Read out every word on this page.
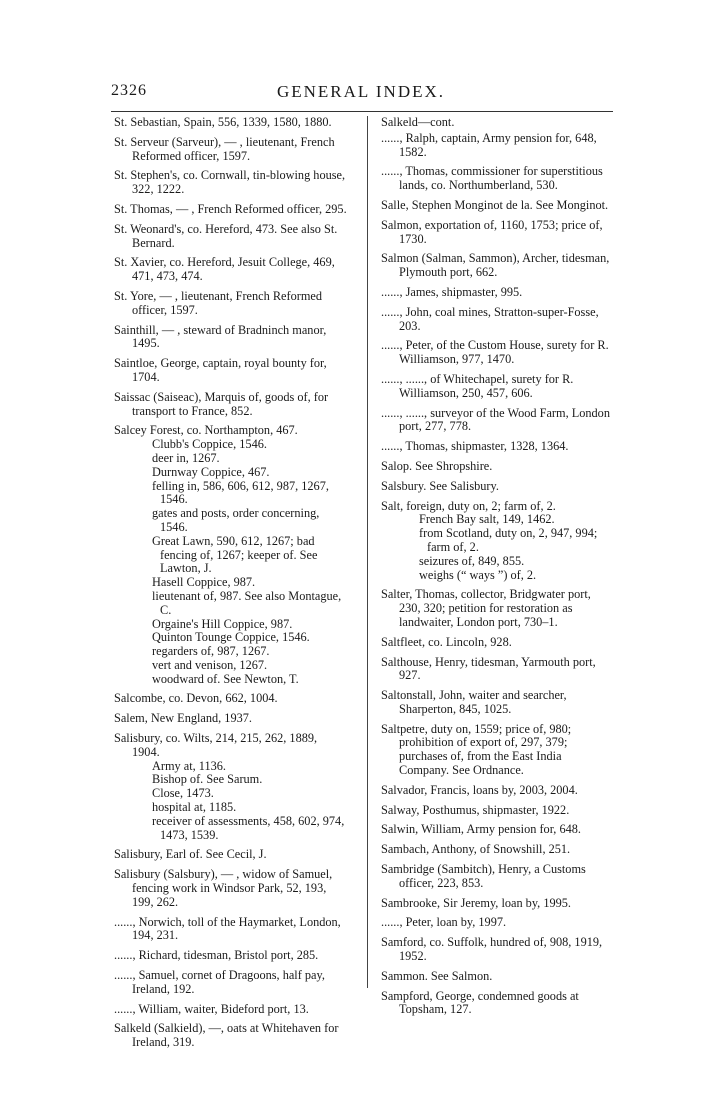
2326	GENERAL INDEX.
St. Sebastian, Spain, 556, 1339, 1580, 1880.
St. Serveur (Sarveur), — , lieutenant, French Reformed officer, 1597.
St. Stephen's, co. Cornwall, tin-blowing house, 322, 1222.
St. Thomas, — , French Reformed officer, 295.
St. Weonard's, co. Hereford, 473. See also St. Bernard.
St. Xavier, co. Hereford, Jesuit College, 469, 471, 473, 474.
St. Yore, — , lieutenant, French Reformed officer, 1597.
Sainthill, — , steward of Bradninch manor, 1495.
Saintloe, George, captain, royal bounty for, 1704.
Saissac (Saiseac), Marquis of, goods of, for transport to France, 852.
Salcey Forest, co. Northampton, 467.
Clubb's Coppice, 1546.
deer in, 1267.
Durnway Coppice, 467.
felling in, 586, 606, 612, 987, 1267, 1546.
gates and posts, order concerning, 1546.
Great Lawn, 590, 612, 1267; bad fencing of, 1267; keeper of. See Lawton, J.
Hasell Coppice, 987.
lieutenant of, 987. See also Montague, C.
Orgaine's Hill Coppice, 987.
Quinton Tounge Coppice, 1546.
regarders of, 987, 1267.
vert and venison, 1267.
woodward of. See Newton, T.
Salcombe, co. Devon, 662, 1004.
Salem, New England, 1937.
Salisbury, co. Wilts, 214, 215, 262, 1889, 1904.
Army at, 1136.
Bishop of. See Sarum.
Close, 1473.
hospital at, 1185.
receiver of assessments, 458, 602, 974, 1473, 1539.
Salisbury, Earl of. See Cecil, J.
Salisbury (Salsbury), — , widow of Samuel, fencing work in Windsor Park, 52, 193, 199, 262.
......, Norwich, toll of the Haymarket, London, 194, 231.
......, Richard, tidesman, Bristol port, 285.
......, Samuel, cornet of Dragoons, half pay, Ireland, 192.
......, William, waiter, Bideford port, 13.
Salkeld (Salkield), —, oats at Whitehaven for Ireland, 319.
Salkeld—cont.
......, Ralph, captain, Army pension for, 648, 1582.
......, Thomas, commissioner for superstitious lands, co. Northumberland, 530.
Salle, Stephen Monginot de la. See Monginot.
Salmon, exportation of, 1160, 1753; price of, 1730.
Salmon (Salman, Sammon), Archer, tidesman, Plymouth port, 662.
......, James, shipmaster, 995.
......, John, coal mines, Stratton-super-Fosse, 203.
......, Peter, of the Custom House, surety for R. Williamson, 977, 1470.
......, ......, of Whitechapel, surety for R. Williamson, 250, 457, 606.
......, ......, surveyor of the Wood Farm, London port, 277, 778.
......, Thomas, shipmaster, 1328, 1364.
Salop. See Shropshire.
Salsbury. See Salisbury.
Salt, foreign, duty on, 2; farm of, 2.
French Bay salt, 149, 1462.
from Scotland, duty on, 2, 947, 994; farm of, 2.
seizures of, 849, 855.
weighs (“ ways ”) of, 2.
Salter, Thomas, collector, Bridgwater port, 230, 320; petition for restoration as landwaiter, London port, 730–1.
Saltfleet, co. Lincoln, 928.
Salthouse, Henry, tidesman, Yarmouth port, 927.
Saltonstall, John, waiter and searcher, Sharperton, 845, 1025.
Saltpetre, duty on, 1559; price of, 980; prohibition of export of, 297, 379; purchases of, from the East India Company. See Ordnance.
Salvador, Francis, loans by, 2003, 2004.
Salway, Posthumus, shipmaster, 1922.
Salwin, William, Army pension for, 648.
Sambach, Anthony, of Snowshill, 251.
Sambridge (Sambitch), Henry, a Customs officer, 223, 853.
Sambrooke, Sir Jeremy, loan by, 1995.
......, Peter, loan by, 1997.
Samford, co. Suffolk, hundred of, 908, 1919, 1952.
Sammon. See Salmon.
Sampford, George, condemned goods at Topsham, 127.
